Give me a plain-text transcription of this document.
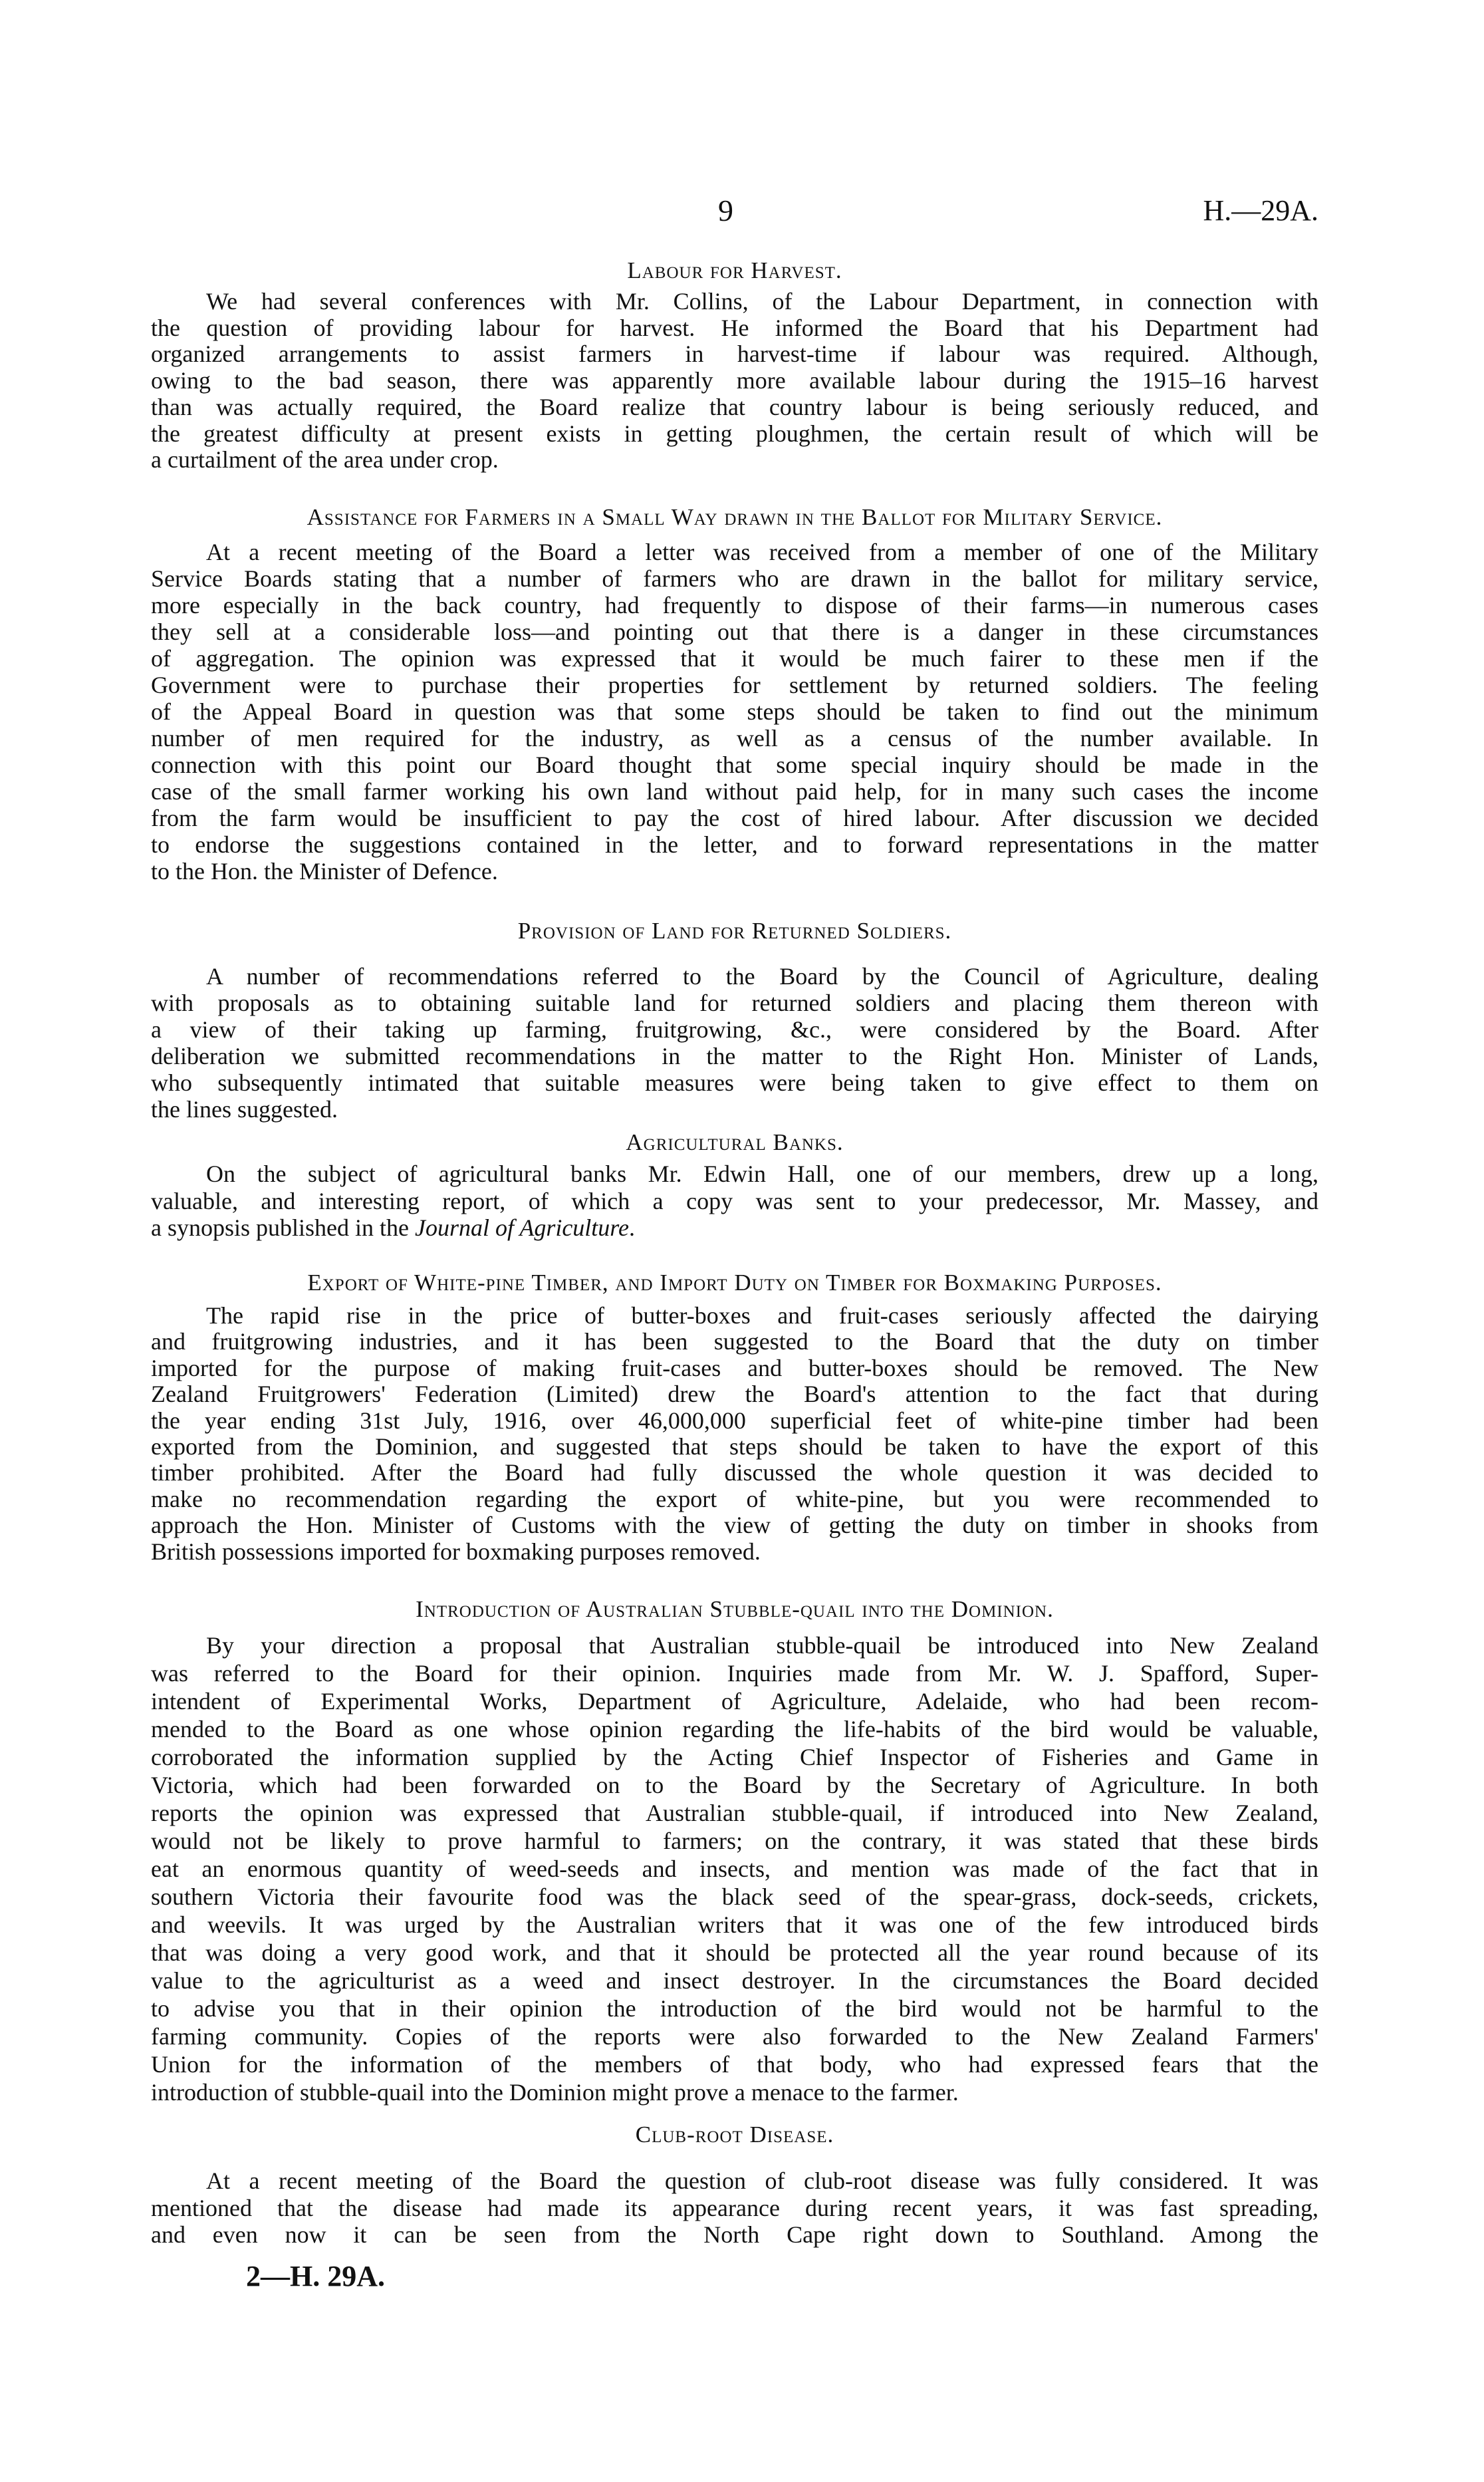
9	H.—29A.
Labour for Harvest.
We had several conferences with Mr. Collins, of the Labour Department, in connection with
the question of providing labour for harvest. He informed the Board that his Department had
organized arrangements to assist farmers in harvest-time if labour was required. Although,
owing to the bad season, there was apparently more available labour during the 1915–16 harvest
than was actually required, the Board realize that country labour is being seriously reduced, and
the greatest difficulty at present exists in getting ploughmen, the certain result of which will be
a curtailment of the area under crop.
Assistance for Farmers in a Small Way drawn in the Ballot for Military Service.
At a recent meeting of the Board a letter was received from a member of one of the Military
Service Boards stating that a number of farmers who are drawn in the ballot for military service,
more especially in the back country, had frequently to dispose of their farms—in numerous cases
they sell at a considerable loss—and pointing out that there is a danger in these circumstances
of aggregation. The opinion was expressed that it would be much fairer to these men if the
Government were to purchase their properties for settlement by returned soldiers. The feeling
of the Appeal Board in question was that some steps should be taken to find out the minimum
number of men required for the industry, as well as a census of the number available. In
connection with this point our Board thought that some special inquiry should be made in the
case of the small farmer working his own land without paid help, for in many such cases the income
from the farm would be insufficient to pay the cost of hired labour. After discussion we decided
to endorse the suggestions contained in the letter, and to forward representations in the matter
to the Hon. the Minister of Defence.
Provision of Land for Returned Soldiers.
A number of recommendations referred to the Board by the Council of Agriculture, dealing
with proposals as to obtaining suitable land for returned soldiers and placing them thereon with
a view of their taking up farming, fruitgrowing, &c., were considered by the Board. After
deliberation we submitted recommendations in the matter to the Right Hon. Minister of Lands,
who subsequently intimated that suitable measures were being taken to give effect to them on
the lines suggested.
Agricultural Banks.
On the subject of agricultural banks Mr. Edwin Hall, one of our members, drew up a long,
valuable, and interesting report, of which a copy was sent to your predecessor, Mr. Massey, and
a synopsis published in the Journal of Agriculture.
Export of White-pine Timber, and Import Duty on Timber for Boxmaking Purposes.
The rapid rise in the price of butter-boxes and fruit-cases seriously affected the dairying
and fruitgrowing industries, and it has been suggested to the Board that the duty on timber
imported for the purpose of making fruit-cases and butter-boxes should be removed. The New
Zealand Fruitgrowers' Federation (Limited) drew the Board's attention to the fact that during
the year ending 31st July, 1916, over 46,000,000 superficial feet of white-pine timber had been
exported from the Dominion, and suggested that steps should be taken to have the export of this
timber prohibited. After the Board had fully discussed the whole question it was decided to
make no recommendation regarding the export of white-pine, but you were recommended to
approach the Hon. Minister of Customs with the view of getting the duty on timber in shooks from
British possessions imported for boxmaking purposes removed.
Introduction of Australian Stubble-quail into the Dominion.
By your direction a proposal that Australian stubble-quail be introduced into New Zealand
was referred to the Board for their opinion. Inquiries made from Mr. W. J. Spafford, Super-
intendent of Experimental Works, Department of Agriculture, Adelaide, who had been recom-
mended to the Board as one whose opinion regarding the life-habits of the bird would be valuable,
corroborated the information supplied by the Acting Chief Inspector of Fisheries and Game in
Victoria, which had been forwarded on to the Board by the Secretary of Agriculture. In both
reports the opinion was expressed that Australian stubble-quail, if introduced into New Zealand,
would not be likely to prove harmful to farmers; on the contrary, it was stated that these birds
eat an enormous quantity of weed-seeds and insects, and mention was made of the fact that in
southern Victoria their favourite food was the black seed of the spear-grass, dock-seeds, crickets,
and weevils. It was urged by the Australian writers that it was one of the few introduced birds
that was doing a very good work, and that it should be protected all the year round because of its
value to the agriculturist as a weed and insect destroyer. In the circumstances the Board decided
to advise you that in their opinion the introduction of the bird would not be harmful to the
farming community. Copies of the reports were also forwarded to the New Zealand Farmers'
Union for the information of the members of that body, who had expressed fears that the
introduction of stubble-quail into the Dominion might prove a menace to the farmer.
Club-root Disease.
At a recent meeting of the Board the question of club-root disease was fully considered. It was
mentioned that the disease had made its appearance during recent years, it was fast spreading,
and even now it can be seen from the North Cape right down to Southland. Among the
2—H. 29A.
